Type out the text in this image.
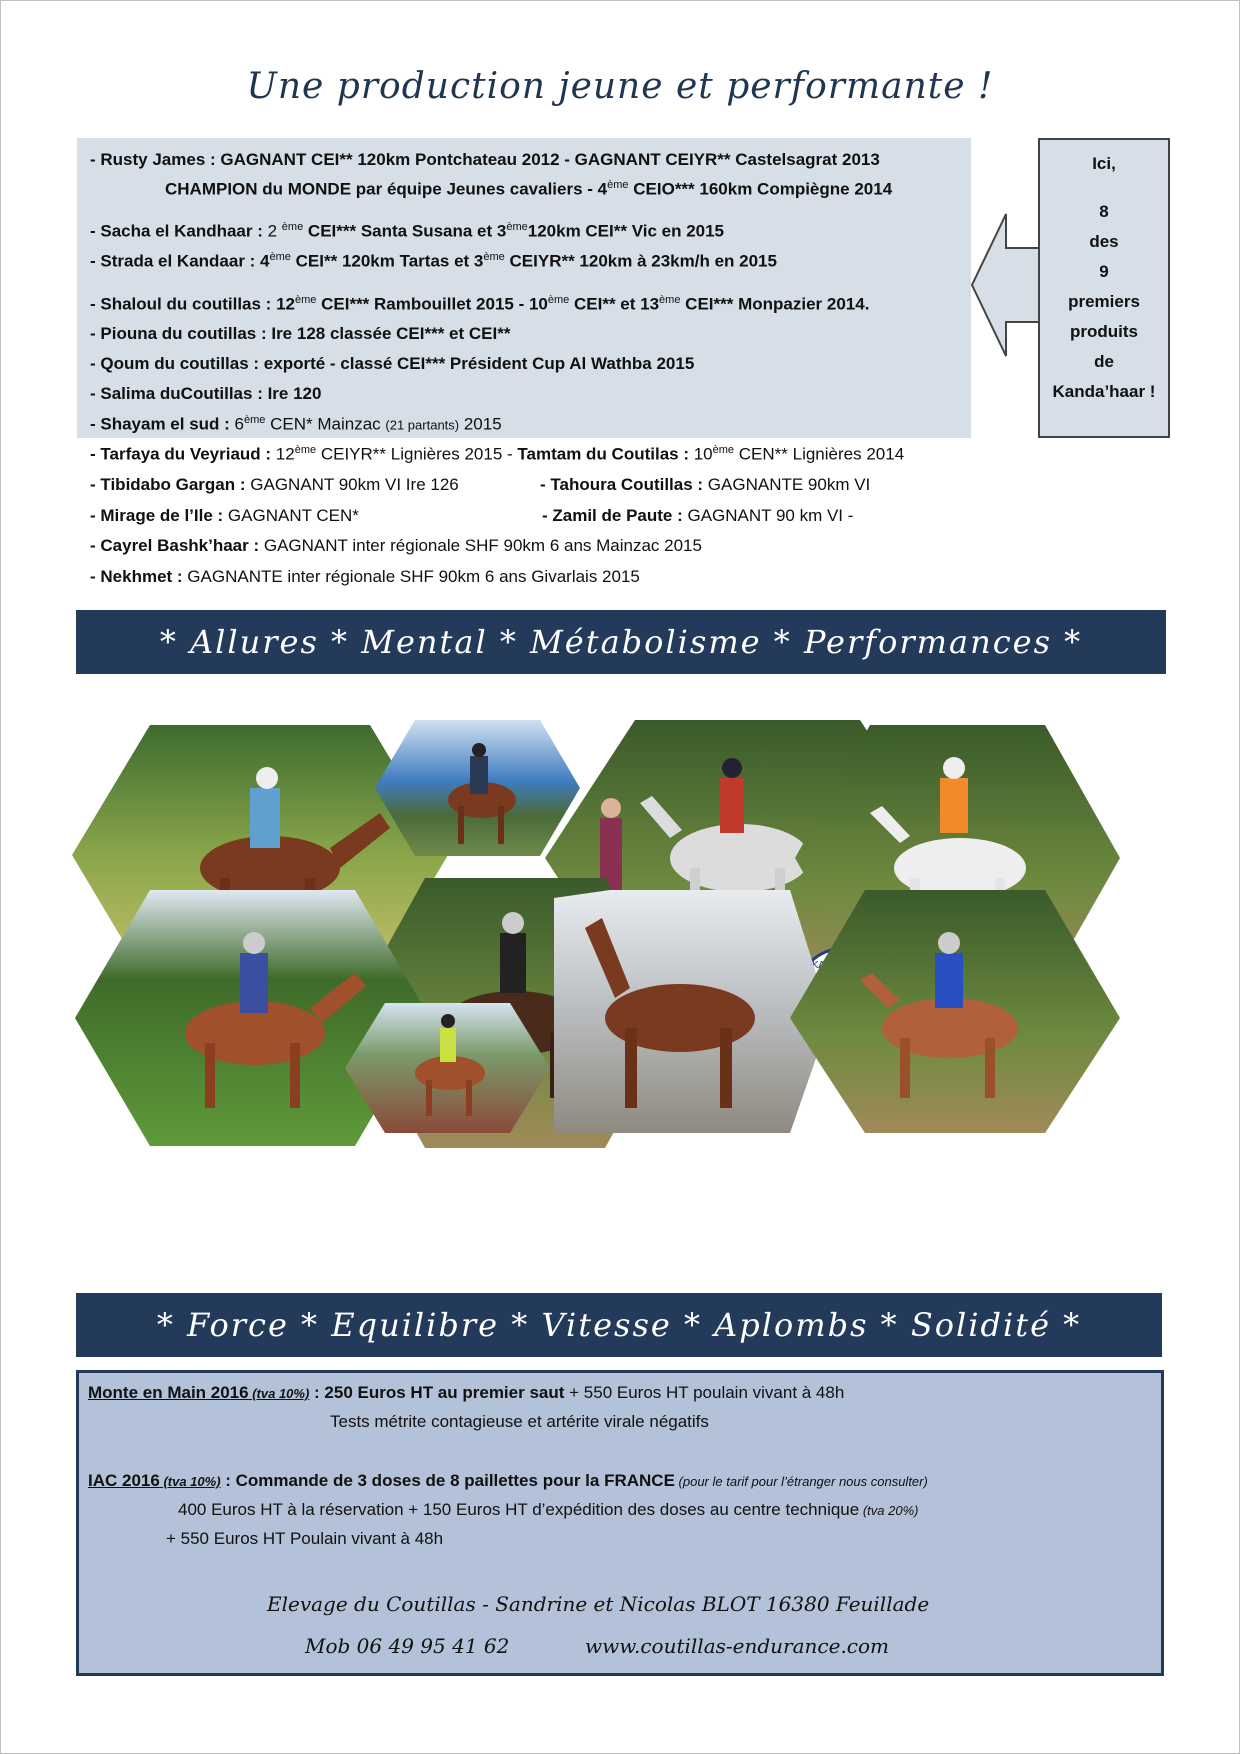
Une production jeune et performante !
- Rusty James : GAGNANT CEI** 120km Pontchateau 2012 - GAGNANT CEIYR** Castelsagrat 2013
CHAMPION du MONDE par équipe Jeunes cavaliers - 4ème CEIO*** 160km Compiègne 2014
- Sacha el Kandhaar : 2 $^{ème}$ CEI*** Santa Susana et 3ème120km CEI** Vic en 2015
- Strada el Kandaar : 4ème CEI** 120km Tartas et 3ème CEIYR** 120km à 23km/h en 2015
- Shaloul du coutillas : 12ème CEI*** Rambouillet 2015 - 10ème CEI** et 13ème CEI*** Monpazier 2014.
- Piouna du coutillas : Ire 128 classée CEI*** et CEI**
- Qoum du coutillas : exporté - classé CEI*** Président Cup Al Wathba 2015
- Salima duCoutillas : Ire 120
- Shayam el sud : 6ème CEN* Mainzac (21 partants) 2015
- Tarfaya du Veyriaud : 12ème CEIYR** Lignières 2015 - Tamtam du Coutilas : 10ème CEN** Lignières 2014
- Tibidabo Gargan : GAGNANT 90km VI Ire 126	- Tahoura Coutillas : GAGNANTE 90km VI
- Mirage de l’Ile : GAGNANT CEN*	- Zamil de Paute : GAGNANT 90 km VI -
- Cayrel Bashk’haar : GAGNANT inter régionale SHF 90km 6 ans Mainzac 2015
- Nekhmet : GAGNANTE inter régionale SHF 90km 6 ans Givarlais 2015
Ici,
8
des
9
premiers
produits
de
Kanda’haar !
* Allures * Mental * Métabolisme * Performances *
* Force * Equilibre * Vitesse * Aplombs * Solidité *
Monte en Main 2016 (tva 10%) : 250 Euros HT au premier saut + 550 Euros HT poulain vivant à 48h
Tests métrite contagieuse et artérite virale négatifs
IAC 2016 (tva 10%) : Commande de 3 doses de 8 paillettes pour la FRANCE (pour le tarif pour l’étranger nous consulter)
400 Euros HT à la réservation + 150 Euros HT d’expédition des doses au centre technique (tva 20%)
+ 550 Euros HT Poulain vivant à 48h
Elevage du Coutillas - Sandrine et Nicolas BLOT 16380 Feuillade
Mob 06 49 95 41 62	www.coutillas-endurance.com
